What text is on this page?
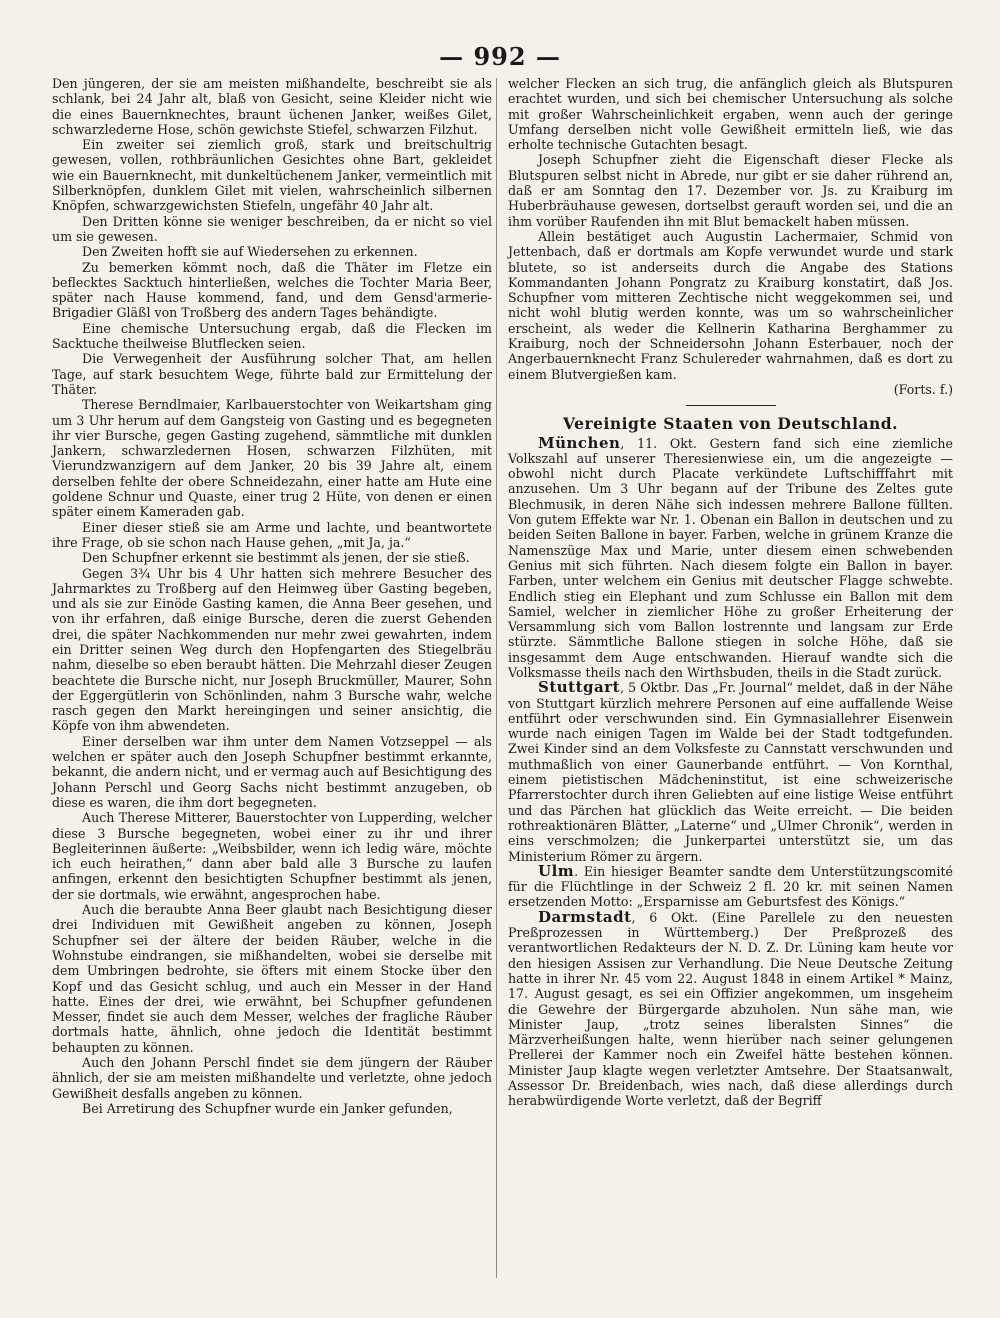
— 992 —

Den jüngeren, der sie am meisten mißhandelte, beschreibt sie als schlank, bei 24 Jahr alt, blaß von Gesicht, seine Kleider nicht wie die eines Bauernknechtes, braunt üchenen Janker, weißes Gilet, schwarzlederne Hose, schön gewichste Stiefel, schwarzen Filzhut.

Ein zweiter sei ziemlich groß, stark und breitschultrig gewesen, vollen, rothbräunlichen Gesichtes ohne Bart, gekleidet wie ein Bauernknecht, mit dunkeltüchenem Janker, vermeintlich mit Silberknöpfen, dunklem Gilet mit vielen, wahrscheinlich silbernen Knöpfen, schwarzgewichsten Stiefeln, ungefähr 40 Jahr alt.

Den Dritten könne sie weniger beschreiben, da er nicht so viel um sie gewesen.

Den Zweiten hofft sie auf Wiedersehen zu erkennen.

Zu bemerken kömmt noch, daß die Thäter im Fletze ein beflecktes Sacktuch hinterließen, welches die Tochter Maria Beer, später nach Hause kommend, fand, und dem Gensd'armerie-Brigadier Gläßl von Troßberg des andern Tages behändigte.

Eine chemische Untersuchung ergab, daß die Flecken im Sacktuche theilweise Blutflecken seien.

Die Verwegenheit der Ausführung solcher That, am hellen Tage, auf stark besuchtem Wege, führte bald zur Ermittelung der Thäter.

Therese Berndlmaier, Karlbauerstochter von Weikartsham ging um 3 Uhr herum auf dem Gangsteig von Gasting und es begegneten ihr vier Bursche, gegen Gasting zugehend, sämmtliche mit dunklen Jankern, schwarzledernen Hosen, schwarzen Filzhüten, mit Vierundzwanzigern auf dem Janker, 20 bis 39 Jahre alt, einem derselben fehlte der obere Schneidezahn, einer hatte am Hute eine goldene Schnur und Quaste, einer trug 2 Hüte, von denen er einen später einem Kameraden gab.

Einer dieser stieß sie am Arme und lachte, und beantwortete ihre Frage, ob sie schon nach Hause gehen, „mit Ja, ja.“

Den Schupfner erkennt sie bestimmt als jenen, der sie stieß.

Gegen 3¾ Uhr bis 4 Uhr hatten sich mehrere Besucher des Jahrmarktes zu Troßberg auf den Heimweg über Gasting begeben, und als sie zur Einöde Gasting kamen, die Anna Beer gesehen, und von ihr erfahren, daß einige Bursche, deren die zuerst Gehenden drei, die später Nachkommenden nur mehr zwei gewahrten, indem ein Dritter seinen Weg durch den Hopfengarten des Stiegelbräu nahm, dieselbe so eben beraubt hätten. Die Mehrzahl dieser Zeugen beachtete die Bursche nicht, nur Joseph Bruckmüller, Maurer, Sohn der Eggergütlerin von Schönlinden, nahm 3 Bursche wahr, welche rasch gegen den Markt hereingingen und seiner ansichtig, die Köpfe von ihm abwendeten.

Einer derselben war ihm unter dem Namen Votzseppel — als welchen er später auch den Joseph Schupfner bestimmt erkannte, bekannt, die andern nicht, und er vermag auch auf Besichtigung des Johann Perschl und Georg Sachs nicht bestimmt anzugeben, ob diese es waren, die ihm dort begegneten.

Auch Therese Mitterer, Bauerstochter von Lupperding, welcher diese 3 Bursche begegneten, wobei einer zu ihr und ihrer Begleiterinnen äußerte: „Weibsbilder, wenn ich ledig wäre, möchte ich euch heirathen,“ dann aber bald alle 3 Bursche zu laufen anfingen, erkennt den besichtigten Schupfner bestimmt als jenen, der sie dortmals, wie erwähnt, angesprochen habe.

Auch die beraubte Anna Beer glaubt nach Besichtigung dieser drei Individuen mit Gewißheit angeben zu können, Joseph Schupfner sei der ältere der beiden Räuber, welche in die Wohnstube eindrangen, sie mißhandelten, wobei sie derselbe mit dem Umbringen bedrohte, sie öfters mit einem Stocke über den Kopf und das Gesicht schlug, und auch ein Messer in der Hand hatte. Eines der drei, wie erwähnt, bei Schupfner gefundenen Messer, findet sie auch dem Messer, welches der fragliche Räuber dortmals hatte, ähnlich, ohne jedoch die Identität bestimmt behaupten zu können.

Auch den Johann Perschl findet sie dem jüngern der Räuber ähnlich, der sie am meisten mißhandelte und verletzte, ohne jedoch Gewißheit desfalls angeben zu können.

Bei Arretirung des Schupfner wurde ein Janker gefunden,

welcher Flecken an sich trug, die anfänglich gleich als Blutspuren erachtet wurden, und sich bei chemischer Untersuchung als solche mit großer Wahrscheinlichkeit ergaben, wenn auch der geringe Umfang derselben nicht volle Gewißheit ermitteln ließ, wie das erholte technische Gutachten besagt.

Joseph Schupfner zieht die Eigenschaft dieser Flecke als Blutspuren selbst nicht in Abrede, nur gibt er sie daher rührend an, daß er am Sonntag den 17. Dezember vor. Js. zu Kraiburg im Huberbräuhause gewesen, dortselbst gerauft worden sei, und die an ihm vorüber Raufenden ihn mit Blut bemackelt haben müssen.

Allein bestätiget auch Augustin Lachermaier, Schmid von Jettenbach, daß er dortmals am Kopfe verwundet wurde und stark blutete, so ist anderseits durch die Angabe des Stations Kommandanten Johann Pongratz zu Kraiburg konstatirt, daß Jos. Schupfner vom mitteren Zechtische nicht weggekommen sei, und nicht wohl blutig werden konnte, was um so wahrscheinlicher erscheint, als weder die Kellnerin Katharina Berghammer zu Kraiburg, noch der Schneidersohn Johann Esterbauer, noch der Angerbauernknecht Franz Schulereder wahrnahmen, daß es dort zu einem Blutvergießen kam.

(Forts. f.)
Vereinigte Staaten von Deutschland.

München, 11. Okt. Gestern fand sich eine ziemliche Volkszahl auf unserer Theresienwiese ein, um die angezeigte — obwohl nicht durch Placate verkündete Luftschifffahrt mit anzusehen. Um 3 Uhr begann auf der Tribune des Zeltes gute Blechmusik, in deren Nähe sich indessen mehrere Ballone füllten. Von gutem Effekte war Nr. 1. Obenan ein Ballon in deutschen und zu beiden Seiten Ballone in bayer. Farben, welche in grünem Kranze die Namenszüge Max und Marie, unter diesem einen schwebenden Genius mit sich führten. Nach diesem folgte ein Ballon in bayer. Farben, unter welchem ein Genius mit deutscher Flagge schwebte. Endlich stieg ein Elephant und zum Schlusse ein Ballon mit dem Samiel, welcher in ziemlicher Höhe zu großer Erheiterung der Versammlung sich vom Ballon lostrennte und langsam zur Erde stürzte. Sämmtliche Ballone stiegen in solche Höhe, daß sie insgesammt dem Auge entschwanden. Hierauf wandte sich die Volksmasse theils nach den Wirthsbuden, theils in die Stadt zurück.

Stuttgart, 5 Oktbr. Das „Fr. Journal“ meldet, daß in der Nähe von Stuttgart kürzlich mehrere Personen auf eine auffallende Weise entführt oder verschwunden sind. Ein Gymnasiallehrer Eisenwein wurde nach einigen Tagen im Walde bei der Stadt todtgefunden. Zwei Kinder sind an dem Volksfeste zu Cannstatt verschwunden und muthmaßlich von einer Gaunerbande entführt. — Von Kornthal, einem pietistischen Mädcheninstitut, ist eine schweizerische Pfarrerstochter durch ihren Geliebten auf eine listige Weise entführt und das Pärchen hat glücklich das Weite erreicht. — Die beiden rothreaktionären Blätter, „Laterne“ und „Ulmer Chronik“, werden in eins verschmolzen; die Junkerpartei unterstützt sie, um das Ministerium Römer zu ärgern.

Ulm. Ein hiesiger Beamter sandte dem Unterstützungscomité für die Flüchtlinge in der Schweiz 2 fl. 20 kr. mit seinen Namen ersetzenden Motto: „Ersparnisse am Geburtsfest des Königs.“

Darmstadt, 6 Okt. (Eine Parellele zu den neuesten Preßprozessen in Württemberg.) Der Preßprozeß des verantwortlichen Redakteurs der N. D. Z. Dr. Lüning kam heute vor den hiesigen Assisen zur Verhandlung. Die Neue Deutsche Zeitung hatte in ihrer Nr. 45 vom 22. August 1848 in einem Artikel * Mainz, 17. August gesagt, es sei ein Offizier angekommen, um insgeheim die Gewehre der Bürgergarde abzuholen. Nun sähe man, wie Minister Jaup, „trotz seines liberalsten Sinnes“ die Märzverheißungen halte, wenn hierüber nach seiner gelungenen Prellerei der Kammer noch ein Zweifel hätte bestehen können. Minister Jaup klagte wegen verletzter Amtsehre. Der Staatsanwalt, Assessor Dr. Breidenbach, wies nach, daß diese allerdings durch herabwürdigende Worte verletzt, daß der Begriff
